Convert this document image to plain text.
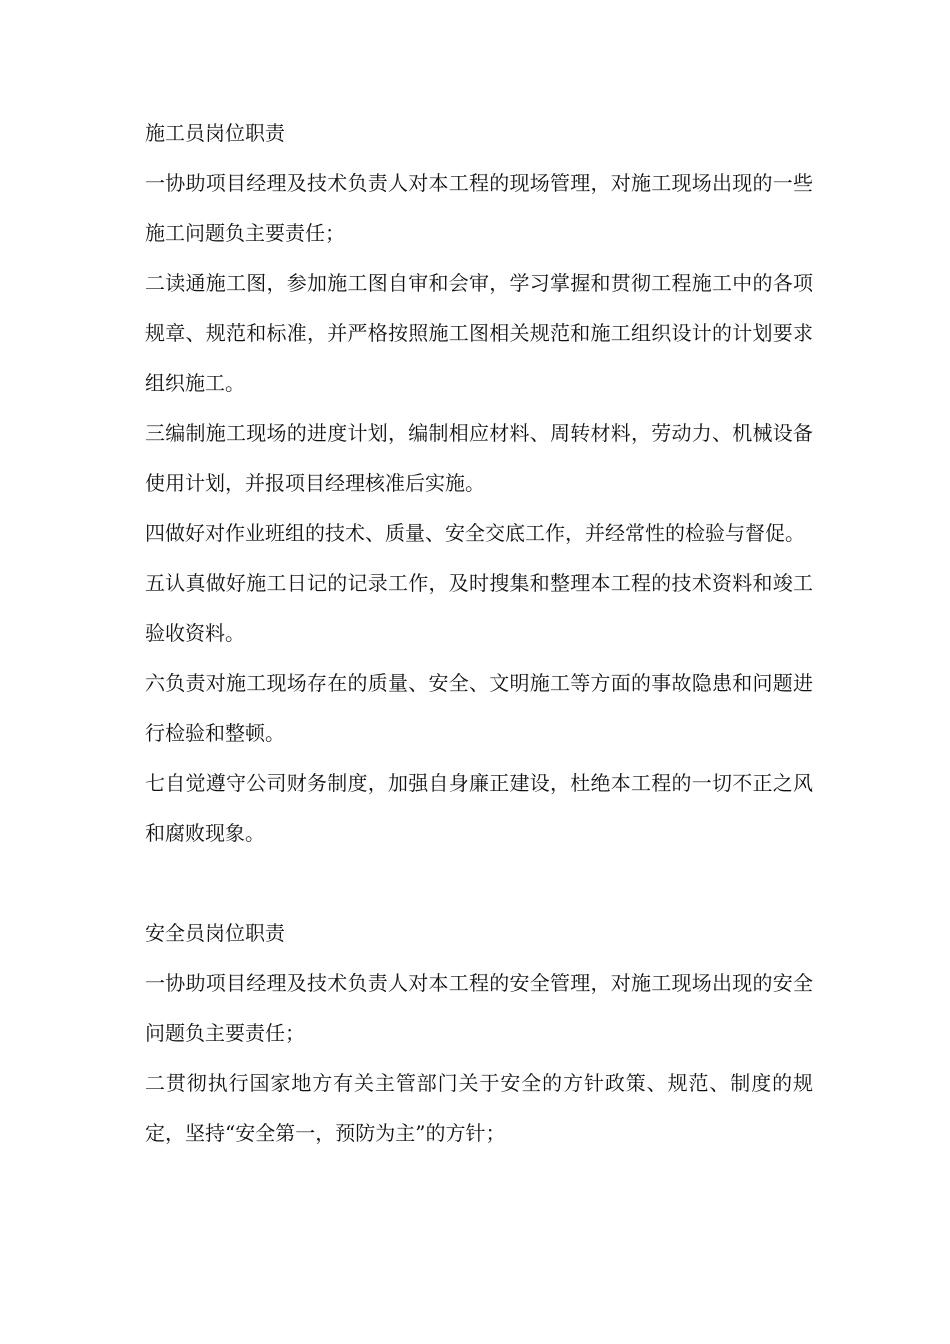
施工员岗位职责

一协助项目经理及技术负责人对本工程的现场管理，对施工现场出现的一些施工问题负主要责任；

二读通施工图，参加施工图自审和会审，学习掌握和贯彻工程施工中的各项规章、规范和标准，并严格按照施工图相关规范和施工组织设计的计划要求组织施工。

三编制施工现场的进度计划，编制相应材料、周转材料，劳动力、机械设备使用计划，并报项目经理核准后实施。

四做好对作业班组的技术、质量、安全交底工作，并经常性的检验与督促。

五认真做好施工日记的记录工作，及时搜集和整理本工程的技术资料和竣工验收资料。

六负责对施工现场存在的质量、安全、文明施工等方面的事故隐患和问题进行检验和整顿。

七自觉遵守公司财务制度，加强自身廉正建设，杜绝本工程的一切不正之风和腐败现象。

安全员岗位职责

一协助项目经理及技术负责人对本工程的安全管理，对施工现场出现的安全问题负主要责任；

二贯彻执行国家地方有关主管部门关于安全的方针政策、规范、制度的规定，坚持“安全第一，预防为主”的方针；
